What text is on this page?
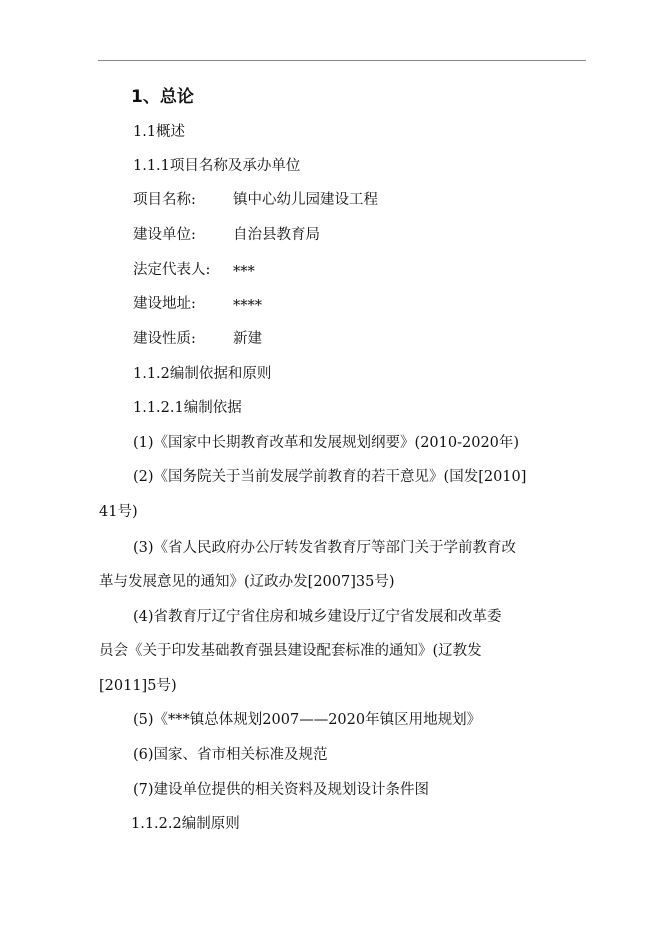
1、总论
1.1概述
1.1.1项目名称及承办单位
项目名称:	镇中心幼儿园建设工程
建设单位:	自治县教育局
法定代表人: ***
建设地址:	****
建设性质:	新建
1.1.2编制依据和原则
1.1.2.1编制依据
(1)《国家中长期教育改革和发展规划纲要》(2010-2020年)
(2)《国务院关于当前发展学前教育的若干意见》(国发[2010]
41号)
(3)《省人民政府办公厅转发省教育厅等部门关于学前教育改
革与发展意见的通知》(辽政办发[2007]35号)
(4)省教育厅辽宁省住房和城乡建设厅辽宁省发展和改革委
员会《关于印发基础教育强县建设配套标准的通知》(辽教发
[2011]5号)
(5)《***镇总体规划2007——2020年镇区用地规划》
(6)国家、省市相关标准及规范
(7)建设单位提供的相关资料及规划设计条件图
1.1.2.2编制原则
